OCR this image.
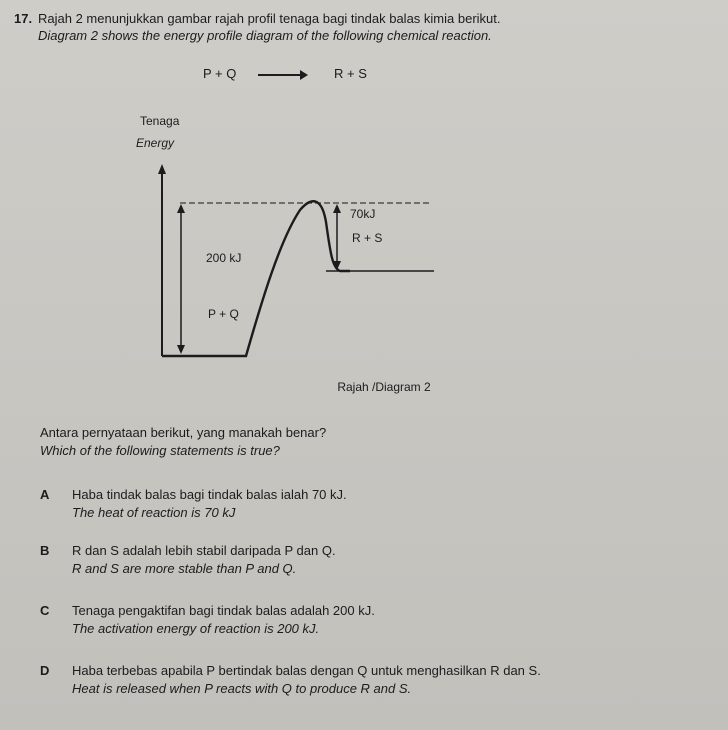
17. Rajah 2 menunjukkan gambar rajah profil tenaga bagi tindak balas kimia berikut.
Diagram 2 shows the energy profile diagram of the following chemical reaction.
P + Q	R + S
Tenaga
Energy
200 kJ
70kJ
R + S
P + Q
Rajah /Diagram 2
Antara pernyataan berikut, yang manakah benar?
Which of the following statements is true?
A Haba tindak balas bagi tindak balas ialah 70 kJ.
The heat of reaction is 70 kJ
B R dan S adalah lebih stabil daripada P dan Q.
R and S are more stable than P and Q.
C Tenaga pengaktifan bagi tindak balas adalah 200 kJ.
The activation energy of reaction is 200 kJ.
D Haba terbebas apabila P bertindak balas dengan Q untuk menghasilkan R dan S.
Heat is released when P reacts with Q to produce R and S.
